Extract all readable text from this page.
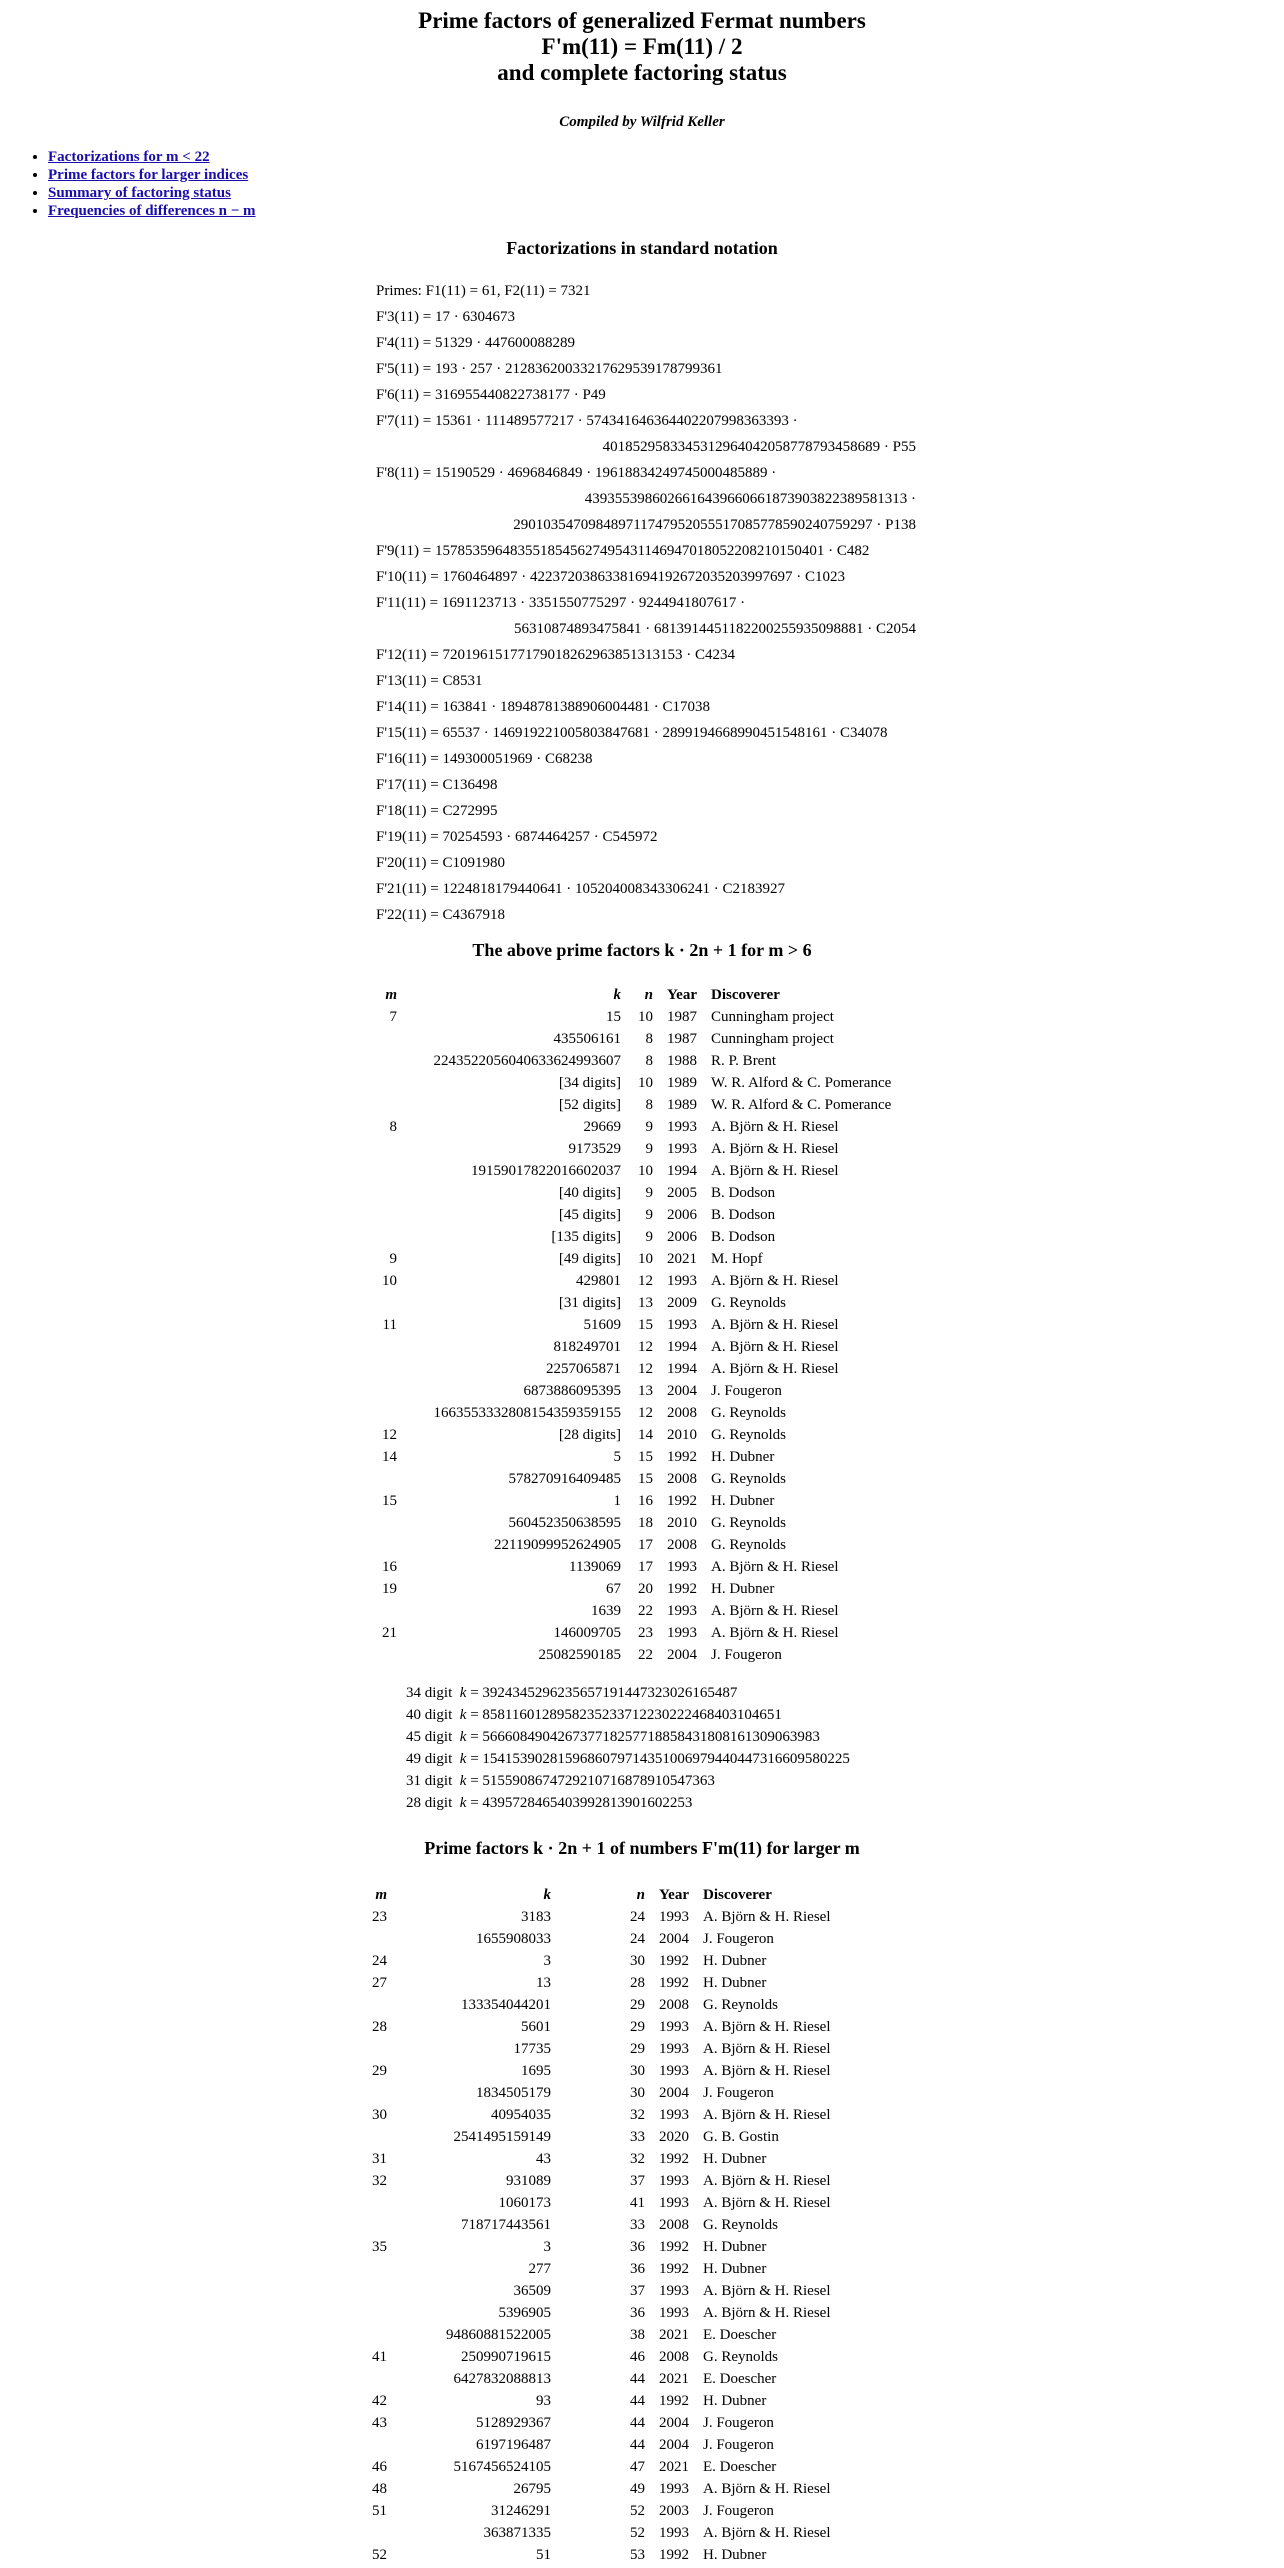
Prime factors of generalized Fermat numbers
F'm(11) = Fm(11) / 2
and complete factoring status
Compiled by Wilfrid Keller
• Factorizations for m < 22
• Prime factors for larger indices
• Summary of factoring status
• Frequencies of differences n − m
Factorizations in standard notation
Primes: F1(11) = 61, F2(11) = 7321
F'3(11) = 17 · 6304673
F'4(11) = 51329 · 447600088289
F'5(11) = 193 · 257 · 212836200332176295391787993​61
F'6(11) = 316955440822738177 · P49
F'7(11) = 15361 · 111489577217 · 574341646364402207998363393 ·
401852958334531296404205877879345868​9 · P55
F'8(11) = 15190529 · 4696846849 · 196188342497450004858​89 ·
439355398602661643966066187390382238958​1313 ·
290103547098489711747952055517085778590240759297 · P138
F'9(11) = 157853596483551854562749543114694701805220821​0150401 · C482
F'10(11) = 1760464897 · 42237203863381694192672035203997697 · C1023
F'11(11) = 1691123713 · 3351550775297 · 9244941807617 ·
56310874893475841 · 681391445118220025593509​8881 · C2054
F'12(11) = 7201961517717901826296385131​3153 · C4234
F'13(11) = C8531
F'14(11) = 163841 · 18948781388906004481 · C17038
F'15(11) = 65537 · 146919221005803847681 · 289919466899045154816​1 · C34078
F'16(11) = 149300051969 · C68238
F'17(11) = C136498
F'18(11) = C272995
F'19(11) = 70254593 · 6874464257 · C545972
F'20(11) = C1091980
F'21(11) = 1224818179440641 · 105204008343306241 · C2183927
F'22(11) = C4367918
The above prime factors k · 2n + 1 for m > 6
m	k	n	Year	Discoverer
7	15	10	1987	Cunningham project
	435506161	8	1987	Cunningham project
	2243522056040633624993607	8	1988	R. P. Brent
	[34 digits]	10	1989	W. R. Alford & C. Pomerance
	[52 digits]	8	1989	W. R. Alford & C. Pomerance
8	29669	9	1993	A. Björn & H. Riesel
	9173529	9	1993	A. Björn & H. Riesel
	1915901782201660203​7	10	1994	A. Björn & H. Riesel
	[40 digits]	9	2005	B. Dodson
	[45 digits]	9	2006	B. Dodson
	[135 digits]	9	2006	B. Dodson
9	[49 digits]	10	2021	M. Hopf
10	429801	12	1993	A. Björn & H. Riesel
	[31 digits]	13	2009	G. Reynolds
11	51609	15	1993	A. Björn & H. Riesel
	818249701	12	1994	A. Björn & H. Riesel
	2257065871	12	1994	A. Björn & H. Riesel
	6873886095395	13	2004	J. Fougeron
	1663553332808154359359155	12	2008	G. Reynolds
12	[28 digits]	14	2010	G. Reynolds
14	5	15	1992	H. Dubner
	578270916409485	15	2008	G. Reynolds
15	1	16	1992	H. Dubner
	560452350638595	18	2010	G. Reynolds
	2211909995262490​5	17	2008	G. Reynolds
16	1139069	17	1993	A. Björn & H. Riesel
19	67	20	1992	H. Dubner
	1639	22	1993	A. Björn & H. Riesel
21	146009705	23	1993	A. Björn & H. Riesel
	25082590185	22	2004	J. Fougeron
34 digit k = 3924345296235657191447323026165487
40 digit k = 8581160128958235233712230222468403104651
45 digit k = 566608490426737718257718858431808161309063983
49 digit k = 1541539028159686079714351006979440447316609580225
31 digit k = 5155908674729210716878910547363
28 digit k = 4395728465403992813901602253
Prime factors k · 2n + 1 of numbers F'm(11) for larger m
m	k	n	Year	Discoverer
23	3183	24	1993	A. Björn & H. Riesel
	1655908033	24	2004	J. Fougeron
24	3	30	1992	H. Dubner
27	13	28	1992	H. Dubner
	133354044201	29	2008	G. Reynolds
28	5601	29	1993	A. Björn & H. Riesel
	17735	29	1993	A. Björn & H. Riesel
29	1695	30	1993	A. Björn & H. Riesel
	1834505179	30	2004	J. Fougeron
30	40954035	32	1993	A. Björn & H. Riesel
	2541495159149	33	2020	G. B. Gostin
31	43	32	1992	H. Dubner
32	931089	37	1993	A. Björn & H. Riesel
	1060173	41	1993	A. Björn & H. Riesel
	718717443561	33	2008	G. Reynolds
35	3	36	1992	H. Dubner
	277	36	1992	H. Dubner
	36509	37	1993	A. Björn & H. Riesel
	5396905	36	1993	A. Björn & H. Riesel
	94860881522005	38	2021	E. Doescher
41	250990719615	46	2008	G. Reynolds
	6427832088813	44	2021	E. Doescher
42	93	44	1992	H. Dubner
43	5128929367	44	2004	J. Fougeron
	6197196487	44	2004	J. Fougeron
46	5167456524105	47	2021	E. Doescher
48	26795	49	1993	A. Björn & H. Riesel
51	31246291	52	2003	J. Fougeron
	363871335	52	1993	A. Björn & H. Riesel
52	51	53	1992	H. Dubner
